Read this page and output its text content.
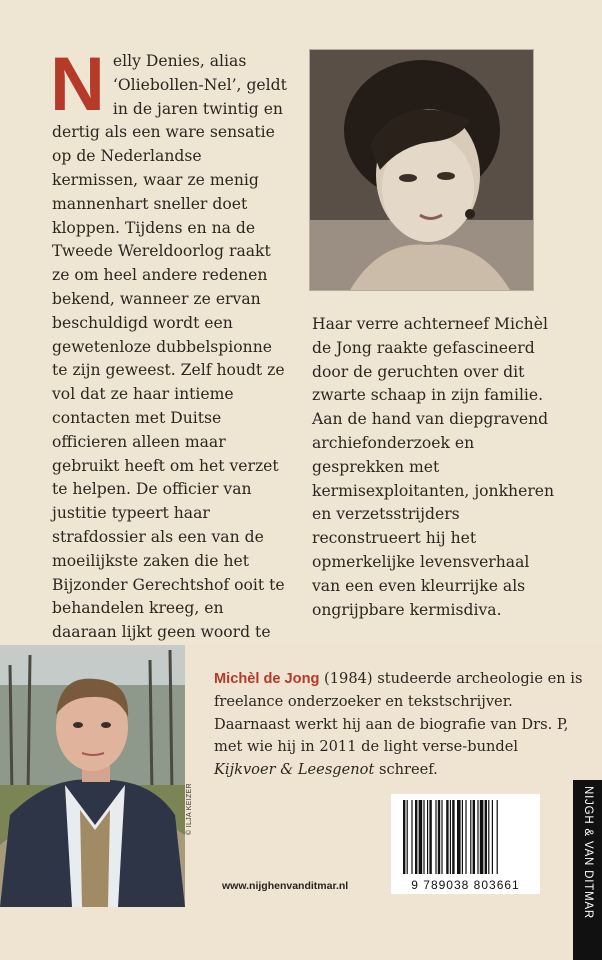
Nelly Denies, alias ‘Oliebollen-Nel’, geldt in de jaren twintig en dertig als een ware sensatie op de Nederlandse kermissen, waar ze menig mannenhart sneller doet kloppen. Tijdens en na de Tweede Wereldoorlog raakt ze om heel andere redenen bekend, wanneer ze ervan beschuldigd wordt een gewetenloze dubbelspionne te zijn geweest. Zelf houdt ze vol dat ze haar intieme contacten met Duitse officieren alleen maar gebruikt heeft om het verzet te helpen. De officier van justitie typeert haar strafdossier als een van de moeilijkste zaken die het Bijzonder Gerechtshof ooit te behandelen kreeg, en daaraan lijkt geen woord te
Haar verre achterneef Michèl de Jong raakte gefascineerd door de geruchten over dit zwarte schaap in zijn familie. Aan de hand van diepgravend archiefonderzoek en gesprekken met kermisexploitanten, jonkheren en verzetsstrijders reconstrueert hij het opmerkelijke levensverhaal van een even kleurrijke als ongrijpbare kermisdiva.
© ILJA KEIZER
Michèl de Jong (1984) studeerde archeologie en is freelance onderzoeker en tekstschrijver. Daarnaast werkt hij aan de biografie van Drs. P, met wie hij in 2011 de light verse-bundel Kijkvoer & Leesgenot schreef.
9 789038 803661
www.nijghenvanditmar.nl	NIJGH & VAN DITMAR
